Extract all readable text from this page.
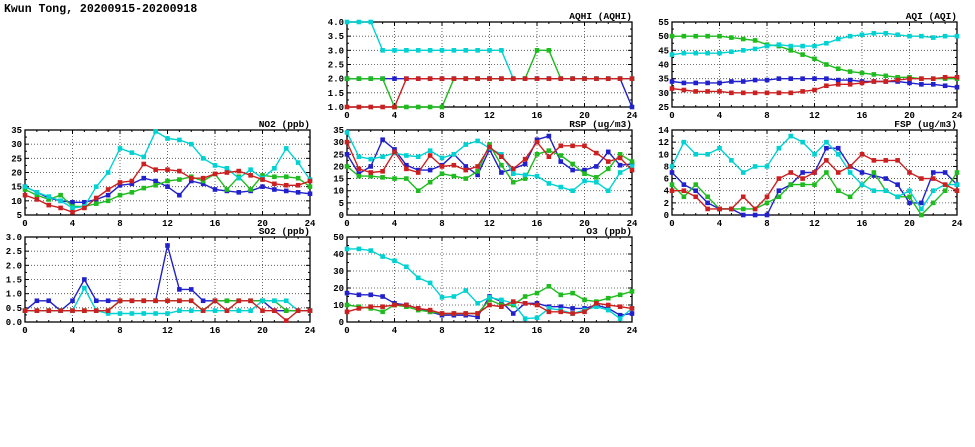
Kwun Tong, 20200915-20200918
1.0
1.5
2.0
2.5
3.0
3.5
4.0
0	4	8	12	16	20	24
AQHI (AQHI)
25
30
35
40
45
50
55
0	4	8	12	16	20	24
AQI (AQI)
5
10
15
20
25
30
35
0	4	8	12	16	20	24
NO2 (ppb)
0
5
10
15
20
25
30
35
0	4	8	12	16	20	24
RSP (ug/m3)
0
2
4
6
8
10
12
14
0	4	8	12	16	20	24
FSP (ug/m3)
0.0
0.5
1.0
1.5
2.0
2.5
3.0
0	4	8	12	16	20	24
SO2 (ppb)
0
10
20
30
40
50
0	4	8	12	16	20	24
O3 (ppb)
